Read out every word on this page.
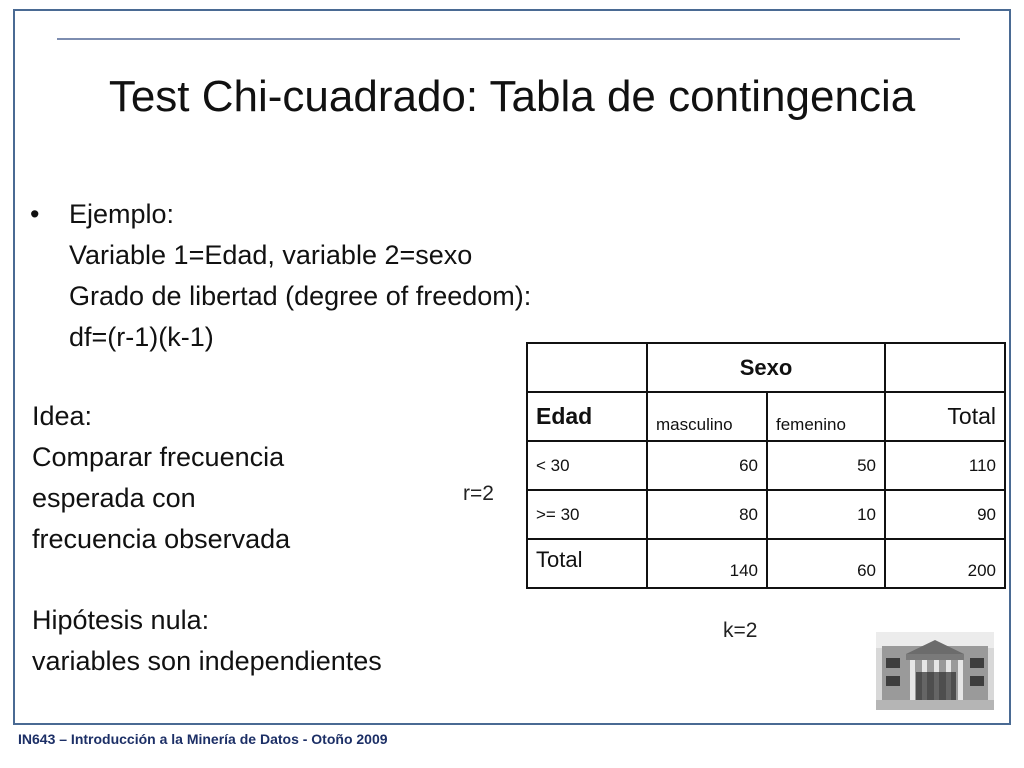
Test Chi-cuadrado: Tabla de contingencia
•	Ejemplo:
Variable 1=Edad, variable 2=sexo
Grado de libertad (degree of freedom):
df=(r-1)(k-1)
Idea:
Comparar frecuencia
esperada con
frecuencia observada
Hipótesis nula:
variables son independientes
	Sexo		
Edad	masculino	femenino	Total
< 30	60	50	110
>= 30	80	10	90
Total	140	60	200
r=2
k=2
IN643 – Introducción a la Minería de Datos - Otoño 2009
